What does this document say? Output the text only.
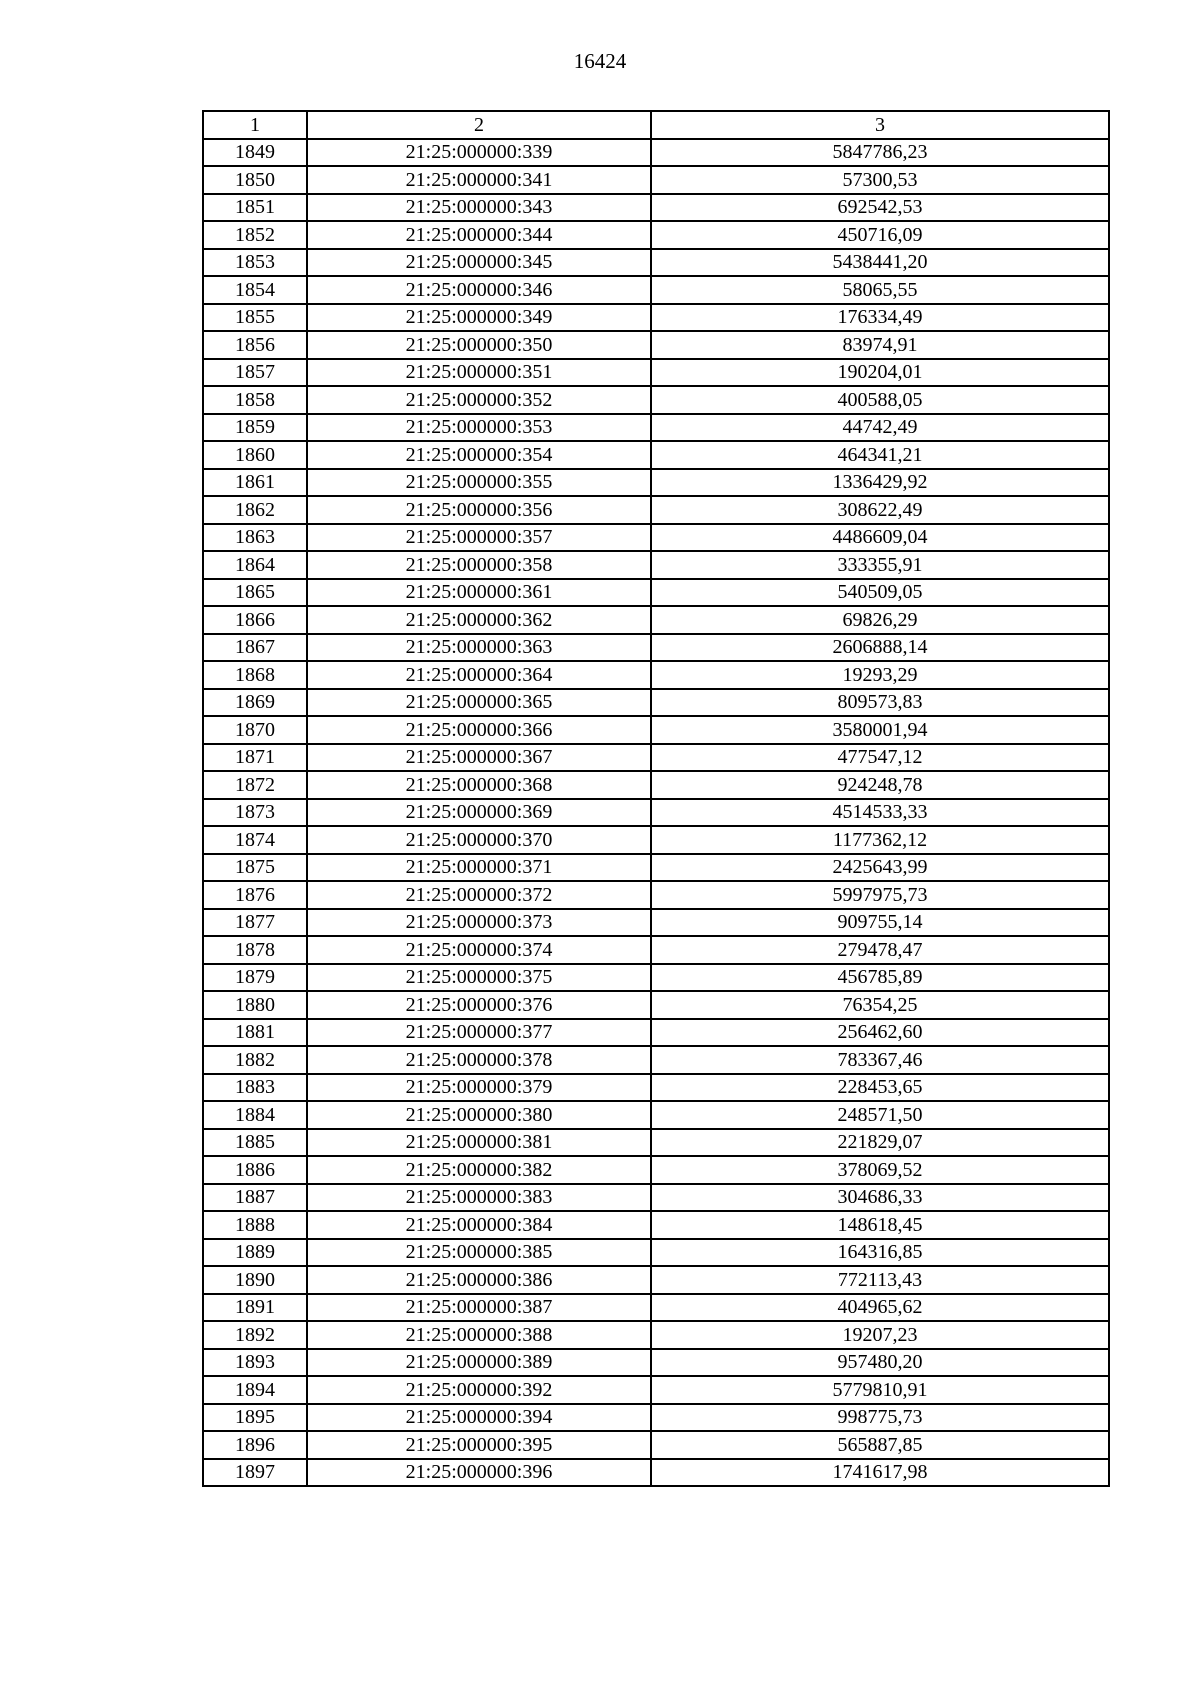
16424
1	2	3
1849	21:25:000000:339	5847786,23
1850	21:25:000000:341	57300,53
1851	21:25:000000:343	692542,53
1852	21:25:000000:344	450716,09
1853	21:25:000000:345	5438441,20
1854	21:25:000000:346	58065,55
1855	21:25:000000:349	176334,49
1856	21:25:000000:350	83974,91
1857	21:25:000000:351	190204,01
1858	21:25:000000:352	400588,05
1859	21:25:000000:353	44742,49
1860	21:25:000000:354	464341,21
1861	21:25:000000:355	1336429,92
1862	21:25:000000:356	308622,49
1863	21:25:000000:357	4486609,04
1864	21:25:000000:358	333355,91
1865	21:25:000000:361	540509,05
1866	21:25:000000:362	69826,29
1867	21:25:000000:363	2606888,14
1868	21:25:000000:364	19293,29
1869	21:25:000000:365	809573,83
1870	21:25:000000:366	3580001,94
1871	21:25:000000:367	477547,12
1872	21:25:000000:368	924248,78
1873	21:25:000000:369	4514533,33
1874	21:25:000000:370	1177362,12
1875	21:25:000000:371	2425643,99
1876	21:25:000000:372	5997975,73
1877	21:25:000000:373	909755,14
1878	21:25:000000:374	279478,47
1879	21:25:000000:375	456785,89
1880	21:25:000000:376	76354,25
1881	21:25:000000:377	256462,60
1882	21:25:000000:378	783367,46
1883	21:25:000000:379	228453,65
1884	21:25:000000:380	248571,50
1885	21:25:000000:381	221829,07
1886	21:25:000000:382	378069,52
1887	21:25:000000:383	304686,33
1888	21:25:000000:384	148618,45
1889	21:25:000000:385	164316,85
1890	21:25:000000:386	772113,43
1891	21:25:000000:387	404965,62
1892	21:25:000000:388	19207,23
1893	21:25:000000:389	957480,20
1894	21:25:000000:392	5779810,91
1895	21:25:000000:394	998775,73
1896	21:25:000000:395	565887,85
1897	21:25:000000:396	1741617,98
